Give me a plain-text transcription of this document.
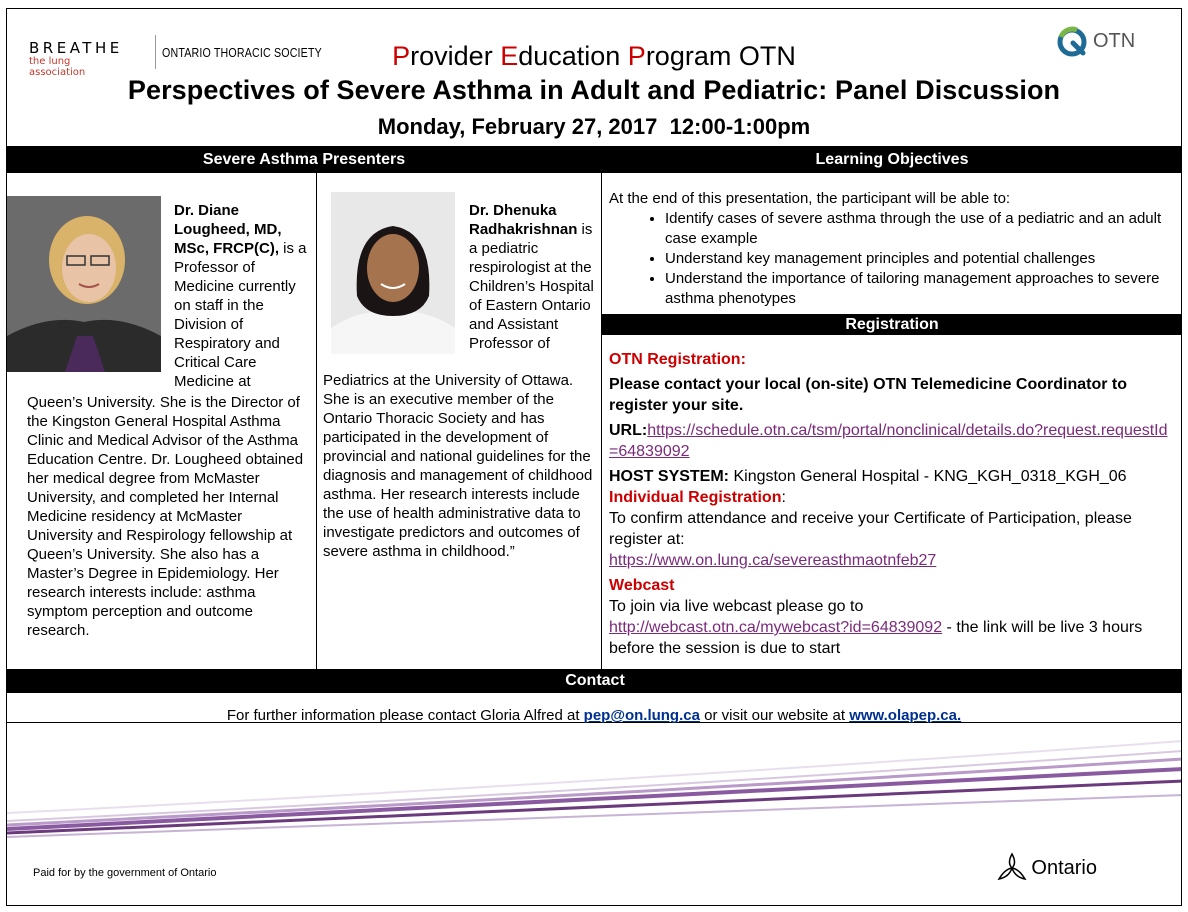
BREATHE
the lung association
ONTARIO THORACIC SOCIETY
OTN
Provider Education Program OTN
Perspectives of Severe Asthma in Adult and Pediatric: Panel Discussion
Monday, February 27, 2017  12:00-1:00pm
Severe Asthma Presenters	Learning Objectives
Registration
Contact
Dr. Diane Lougheed, MD, MSc, FRCP(C), is a Professor of Medicine currently on staff in the Division of Respiratory and Critical Care Medicine at
Queen’s University. She is the Director of the Kingston General Hospital Asthma Clinic and Medical Advisor of the Asthma Education Centre. Dr. Lougheed obtained her medical degree from McMaster University, and completed her Internal Medicine residency at McMaster University and Respirology fellowship at Queen’s University. She also has a Master’s Degree in Epidemiology. Her research interests include: asthma symptom perception and outcome research.
Dr. Dhenuka Radhakrishnan is a pediatric respirologist at the Children’s Hospital of Eastern Ontario and Assistant Professor of
Pediatrics at the University of Ottawa. She is an executive member of the Ontario Thoracic Society and has participated in the development of provincial and national guidelines for the diagnosis and management of childhood asthma. Her research interests include the use of health administrative data to investigate predictors and outcomes of severe asthma in childhood.”
At the end of this presentation, the participant will be able to:
• Identify cases of severe asthma through the use of a pediatric and an adult case example
• Understand key management principles and potential challenges
• Understand the importance of tailoring management approaches to severe asthma phenotypes

OTN Registration:

Please contact your local (on-site) OTN Telemedicine Coordinator to register your site.

URL:https://schedule.otn.ca/tsm/portal/nonclinical/details.do?request.requestId=64839092

HOST SYSTEM: Kingston General Hospital - KNG_KGH_0318_KGH_06

Individual Registration:

To confirm attendance and receive your Certificate of Participation, please register at:

https://www.on.lung.ca/severeasthmaotnfeb27

Webcast

To join via live webcast please go to

http://webcast.otn.ca/mywebcast?id=64839092 - the link will be live 3 hours before the session is due to start

For further information please contact Gloria Alfred at pep@on.lung.ca or visit our website at www.olapep.ca.
Paid for by the government of Ontario	Ontario
